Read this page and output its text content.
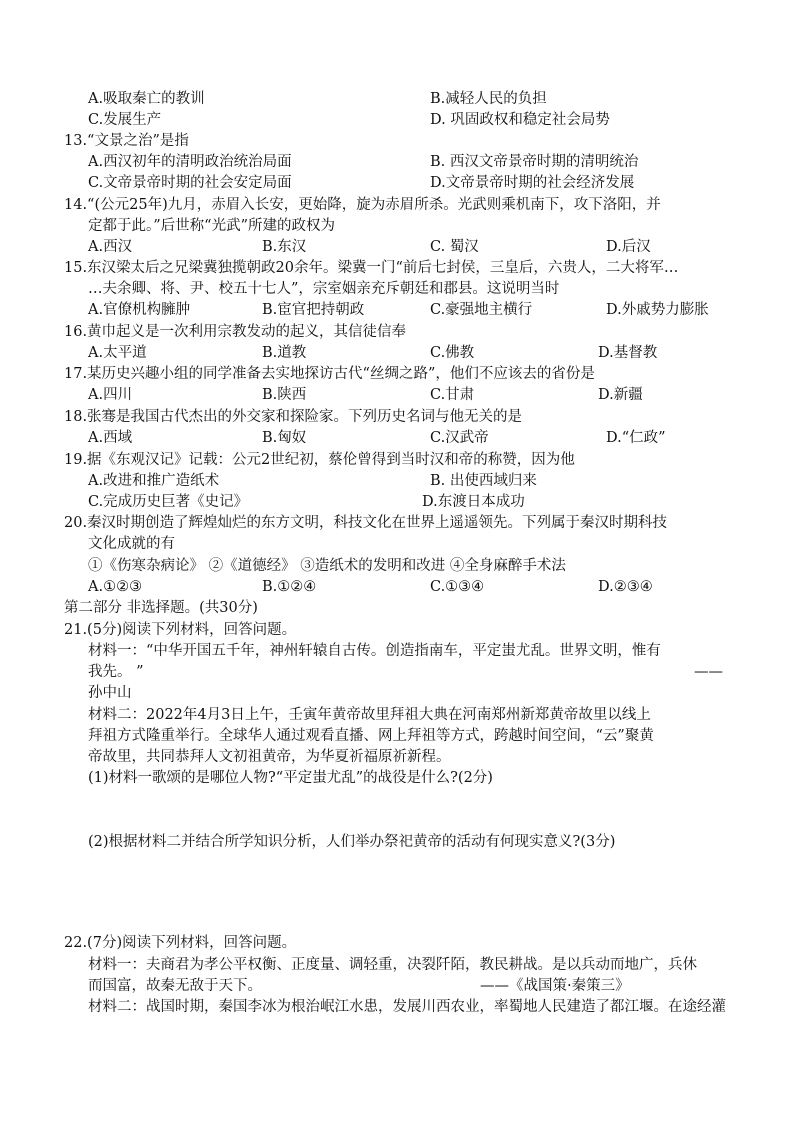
A.吸取秦亡的教训	B.减轻人民的负担
C.发展生产	D. 巩固政权和稳定社会局势
13.“文景之治”是指
A.西汉初年的清明政治统治局面	B. 西汉文帝景帝时期的清明统治
C.文帝景帝时期的社会安定局面	D.文帝景帝时期的社会经济发展
14.“(公元25年)九月，赤眉入长安，更始降，旋为赤眉所杀。光武则乘机南下，攻下洛阳，并
定都于此。”后世称“光武”所建的政权为
A.西汉	B.东汉	C. 蜀汉	D.后汉
15.东汉梁太后之兄梁冀独揽朝政20余年。梁冀一门“前后七封侯，三皇后，六贵人，二大将军…
…夫余卿、将、尹、校五十七人”，宗室姻亲充斥朝廷和郡县。这说明当时
A.官僚机构臃肿	B.宦官把持朝政	C.豪强地主横行	D.外戚势力膨胀
16.黄巾起义是一次利用宗教发动的起义，其信徒信奉
A.太平道	B.道教	C.佛教	D.基督教
17.某历史兴趣小组的同学准备去实地探访古代“丝绸之路”，他们不应该去的省份是
A.四川	B.陕西	C.甘肃	D.新疆
18.张骞是我国古代杰出的外交家和探险家。下列历史名词与他无关的是
A.西域	B.匈奴	C.汉武帝	D.“仁政”
19.据《东观汉记》记载：公元2世纪初，蔡伦曾得到当时汉和帝的称赞，因为他
A.改进和推广造纸术	B. 出使西域归来
C.完成历史巨著《史记》	D.东渡日本成功
20.秦汉时期创造了辉煌灿烂的东方文明，科技文化在世界上遥遥领先。下列属于秦汉时期科技
文化成就的有
①《伤寒杂病论》 ②《道德经》 ③造纸术的发明和改进 ④全身麻醉手术法
A.①②③	B.①②④	C.①③④	D.②③④
第二部分 非选择题。(共30分)
21.(5分)阅读下列材料，回答问题。
材料一：“中华开国五千年，神州轩辕自古传。创造指南车，平定蚩尤乱。世界文明，惟有
我先。 ”	——
孙中山
材料二：2022年4月3日上午，壬寅年黄帝故里拜祖大典在河南郑州新郑黄帝故里以线上
拜祖方式隆重举行。全球华人通过观看直播、网上拜祖等方式，跨越时间空间，“云”聚黄
帝故里，共同恭拜人文初祖黄帝，为华夏祈福原祈新程。
(1)材料一歌颂的是哪位人物?“平定蚩尤乱”的战役是什么?(2分)
(2)根据材料二并结合所学知识分析，人们举办祭祀黄帝的活动有何现实意义?(3分)
22.(7分)阅读下列材料，回答问题。
材料一：夫商君为孝公平权衡、正度量、调轻重，决裂阡陌，教民耕战。是以兵动而地广，兵休
而国富，故秦无敌于天下。	——《战国策·秦策三》
材料二：战国时期，秦国李冰为根治岷江水患，发展川西农业，率蜀地人民建造了都江堰。在途经灌
